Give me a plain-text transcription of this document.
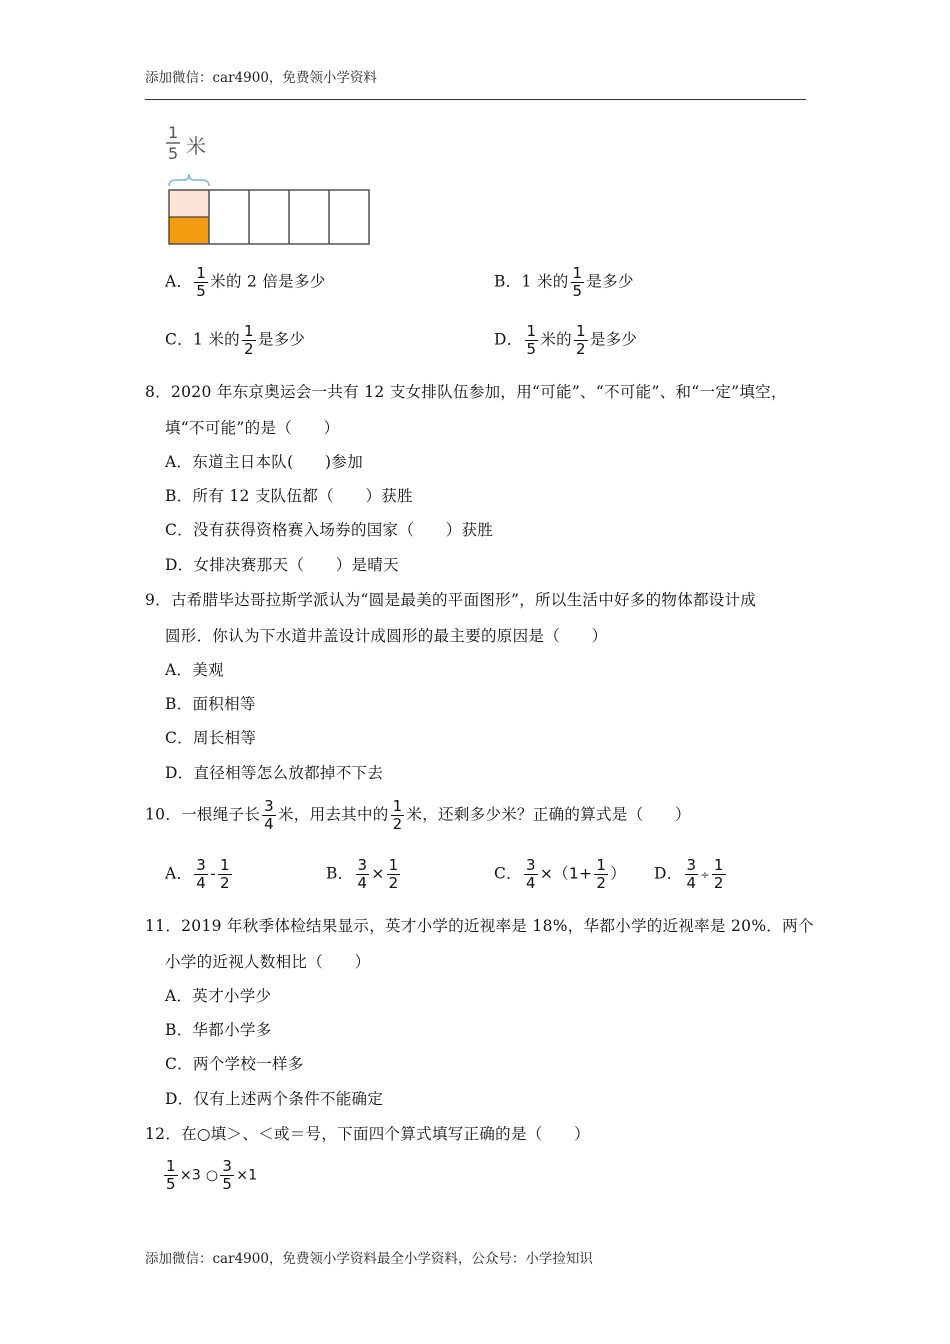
添加微信：car4900，免费领小学资料
1
5 米
A． $\frac{1}{5}$ 米的 2 倍是多少	B．1 米的 $\frac{1}{5}$ 是多少
C．1 米的 $\frac{1}{2}$ 是多少	D． $\frac{1}{5}$ 米的 $\frac{1}{2}$ 是多少
8．2020 年东京奥运会一共有 12 支女排队伍参加，用“可能”、“不可能”、和“一定”填空，
填“不可能”的是（　　）
A．东道主日本队(　　)参加
B．所有 12 支队伍都（　　）获胜
C．没有获得资格赛入场券的国家（　　）获胜
D．女排决赛那天（　　）是晴天
9．古希腊毕达哥拉斯学派认为“圆是最美的平面图形”，所以生活中好多的物体都设计成
圆形．你认为下水道井盖设计成圆形的最主要的原因是（　　）
A．美观
B．面积相等
C．周长相等
D．直径相等怎么放都掉不下去
10．一根绳子长 $\frac{3}{4}$ 米，用去其中的 $\frac{1}{2}$ 米，还剩多少米？正确的算式是（　　）
A． $\frac{3}{4} - \frac{1}{2}$	B． $\frac{3}{4} \times \frac{1}{2}$	C． $\frac{3}{4} \times(1+ \frac{1}{2}$ ） D． $\frac{3}{4} \div \frac{1}{2}$
11．2019 年秋季体检结果显示，英才小学的近视率是 18%，华都小学的近视率是 20%．两个
小学的近视人数相比（　　）
A．英才小学少
B．华都小学多
C．两个学校一样多
D．仅有上述两个条件不能确定
12．在○填＞、＜或＝号，下面四个算式填写正确的是（　　）
$\frac{1}{5} \times 3$ ○ $\frac{3}{5} \times 1$
添加微信：car4900，免费领小学资料最全小学资料，公众号：小学捡知识
